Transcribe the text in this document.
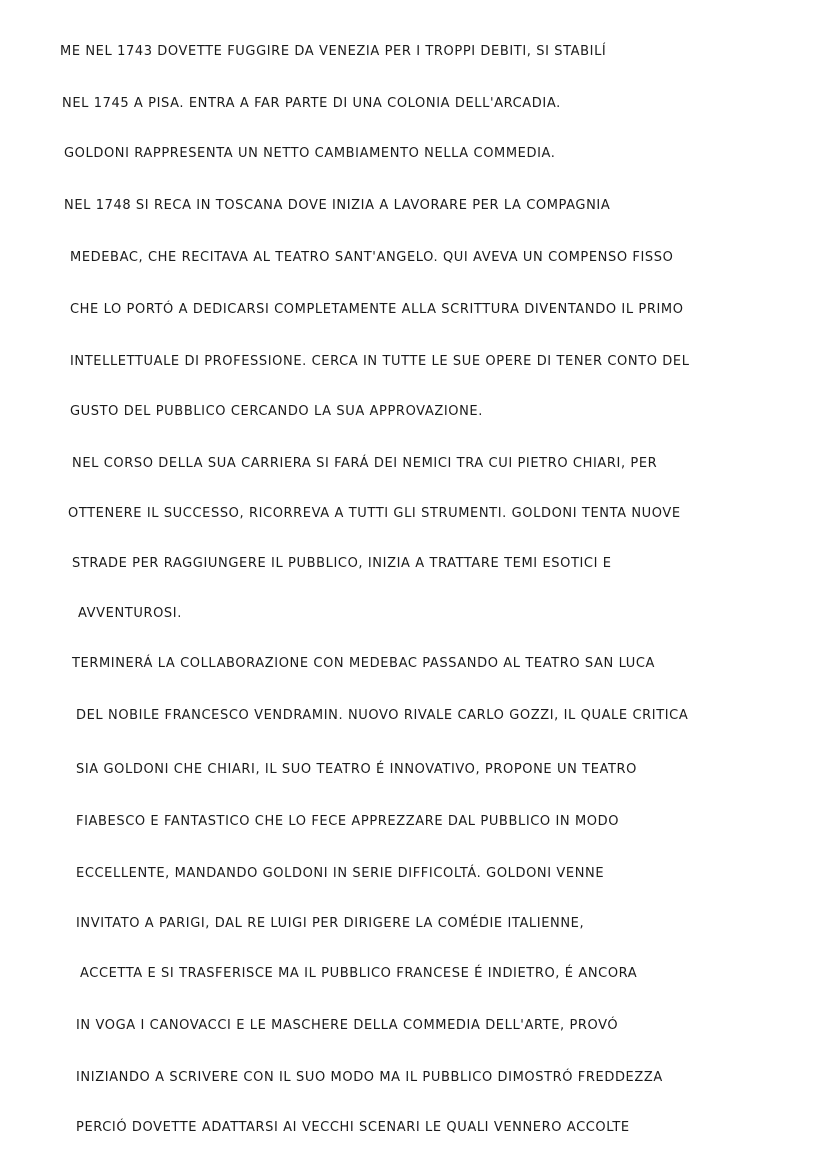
ME NEL 1743 DOVETTE FUGGIRE DA VENEZIA PER I TROPPI DEBITI, SI STABILÍ
NEL 1745 A PISA. ENTRA A FAR PARTE DI UNA COLONIA DELL'ARCADIA.
GOLDONI RAPPRESENTA UN NETTO CAMBIAMENTO NELLA COMMEDIA.
NEL 1748 SI RECA IN TOSCANA DOVE INIZIA A LAVORARE PER LA COMPAGNIA
MEDEBAC, CHE RECITAVA AL TEATRO SANT'ANGELO. QUI AVEVA UN COMPENSO FISSO
CHE LO PORTÓ A DEDICARSI COMPLETAMENTE ALLA SCRITTURA DIVENTANDO IL PRIMO
INTELLETTUALE DI PROFESSIONE. CERCA IN TUTTE LE SUE OPERE DI TENER CONTO DEL
GUSTO DEL PUBBLICO CERCANDO LA SUA APPROVAZIONE.
NEL CORSO DELLA SUA CARRIERA SI FARÁ DEI NEMICI TRA CUI PIETRO CHIARI, PER
OTTENERE IL SUCCESSO, RICORREVA A TUTTI GLI STRUMENTI. GOLDONI TENTA NUOVE
STRADE PER RAGGIUNGERE IL PUBBLICO, INIZIA A TRATTARE TEMI ESOTICI E
AVVENTUROSI.
TERMINERÁ LA COLLABORAZIONE CON MEDEBAC PASSANDO AL TEATRO SAN LUCA
DEL NOBILE FRANCESCO VENDRAMIN. NUOVO RIVALE CARLO GOZZI, IL QUALE CRITICA
SIA GOLDONI CHE CHIARI, IL SUO TEATRO É INNOVATIVO, PROPONE UN TEATRO
FIABESCO E FANTASTICO CHE LO FECE APPREZZARE DAL PUBBLICO IN MODO
ECCELLENTE, MANDANDO GOLDONI IN SERIE DIFFICOLTÁ. GOLDONI VENNE
INVITATO A PARIGI, DAL RE LUIGI PER DIRIGERE LA COMÉDIE ITALIENNE,
ACCETTA E SI TRASFERISCE MA IL PUBBLICO FRANCESE É INDIETRO, É ANCORA
IN VOGA I CANOVACCI E LE MASCHERE DELLA COMMEDIA DELL'ARTE, PROVÓ
INIZIANDO A SCRIVERE CON IL SUO MODO MA IL PUBBLICO DIMOSTRÓ FREDDEZZA
PERCIÓ DOVETTE ADATTARSI AI VECCHI SCENARI LE QUALI VENNERO ACCOLTE
